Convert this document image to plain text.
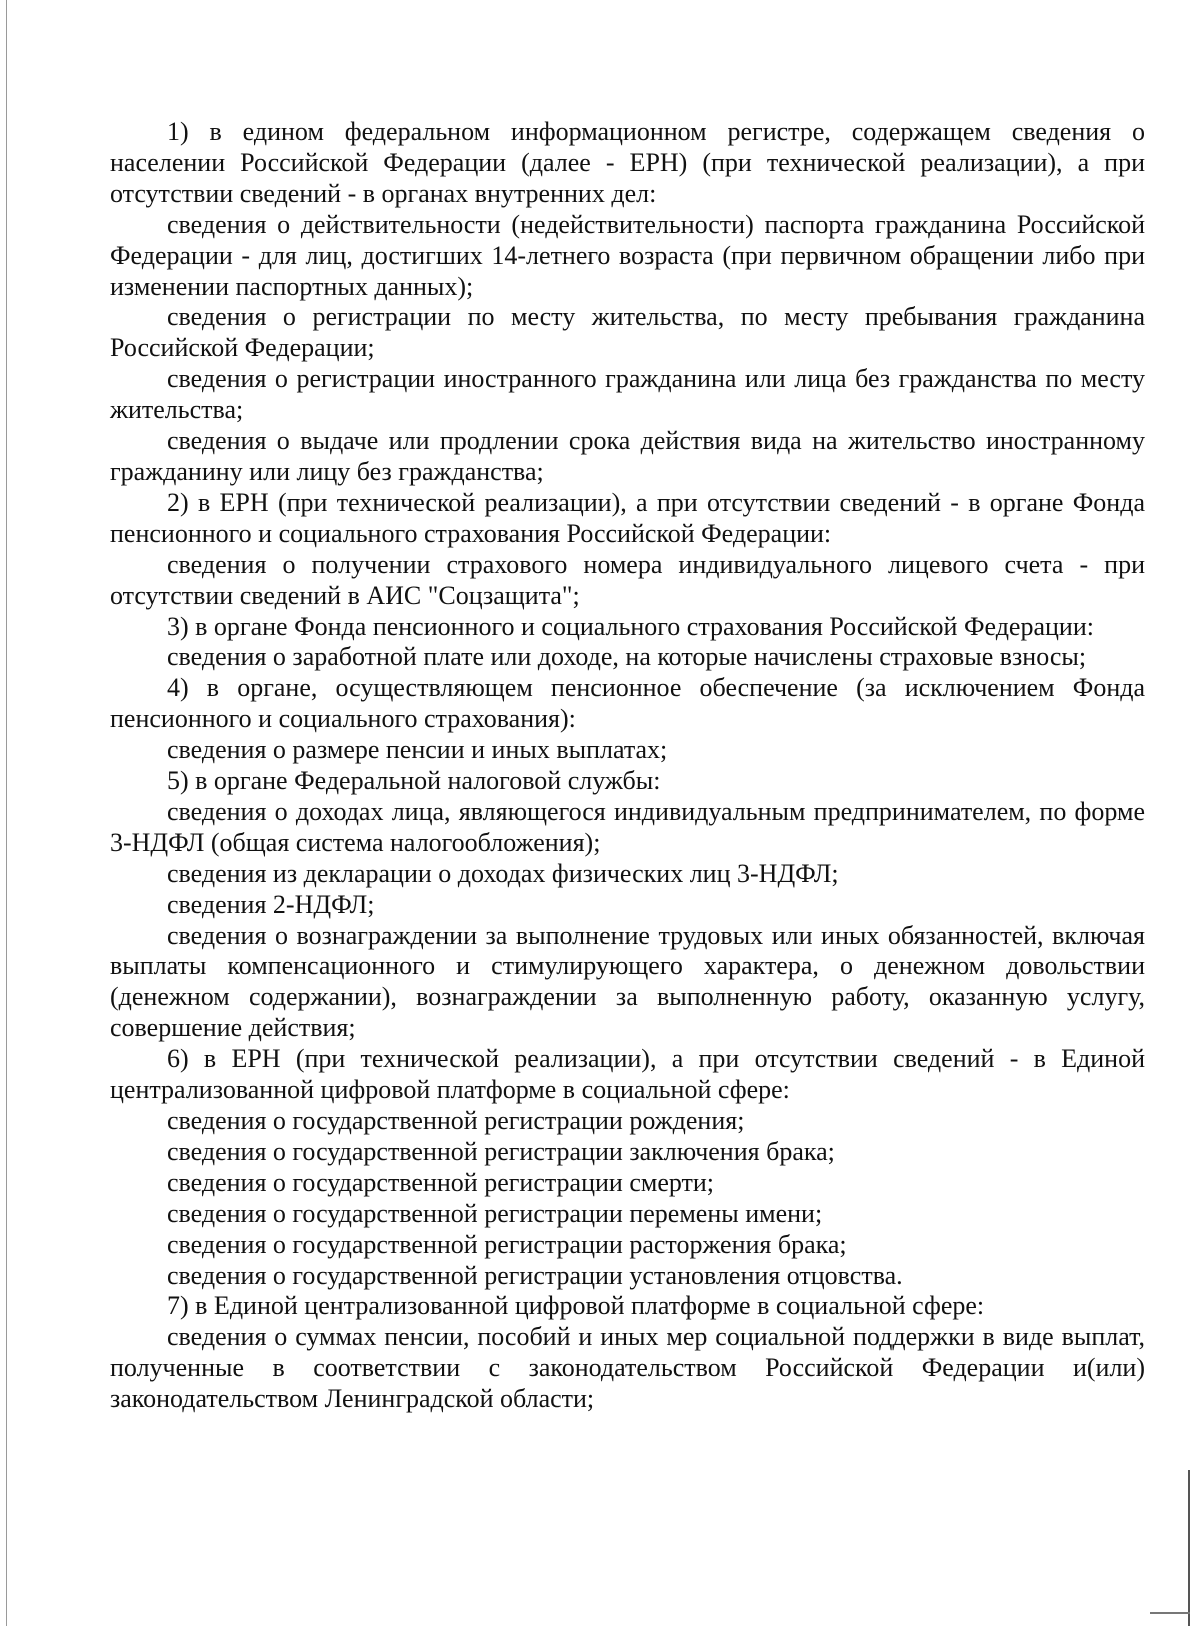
1) в едином федеральном информационном регистре, содержащем сведения о населении Российской Федерации (далее - ЕРН) (при технической реализации), а при отсутствии сведений - в органах внутренних дел:

сведения о действительности (недействительности) паспорта гражданина Российской Федерации - для лиц, достигших 14-летнего возраста (при первичном обращении либо при изменении паспортных данных);

сведения о регистрации по месту жительства, по месту пребывания гражданина Российской Федерации;

сведения о регистрации иностранного гражданина или лица без гражданства по месту жительства;

сведения о выдаче или продлении срока действия вида на жительство иностранному гражданину или лицу без гражданства;

2) в ЕРН (при технической реализации), а при отсутствии сведений - в органе Фонда пенсионного и социального страхования Российской Федерации:

сведения о получении страхового номера индивидуального лицевого счета - при отсутствии сведений в АИС "Соцзащита";

3) в органе Фонда пенсионного и социального страхования Российской Федерации:

сведения о заработной плате или доходе, на которые начислены страховые взносы;

4) в органе, осуществляющем пенсионное обеспечение (за исключением Фонда пенсионного и социального страхования):

сведения о размере пенсии и иных выплатах;

5) в органе Федеральной налоговой службы:

сведения о доходах лица, являющегося индивидуальным предпринимателем, по форме 3-НДФЛ (общая система налогообложения);

сведения из декларации о доходах физических лиц 3-НДФЛ;

сведения 2-НДФЛ;

сведения о вознаграждении за выполнение трудовых или иных обязанностей, включая выплаты компенсационного и стимулирующего характера, о денежном довольствии (денежном содержании), вознаграждении за выполненную работу, оказанную услугу, совершение действия;

6) в ЕРН (при технической реализации), а при отсутствии сведений - в Единой централизованной цифровой платформе в социальной сфере:

сведения о государственной регистрации рождения;

сведения о государственной регистрации заключения брака;

сведения о государственной регистрации смерти;

сведения о государственной регистрации перемены имени;

сведения о государственной регистрации расторжения брака;

сведения о государственной регистрации установления отцовства.

7) в Единой централизованной цифровой платформе в социальной сфере:

сведения о суммах пенсии, пособий и иных мер социальной поддержки в виде выплат, полученные в соответствии с законодательством Российской Федерации и(или) законодательством Ленинградской области;
